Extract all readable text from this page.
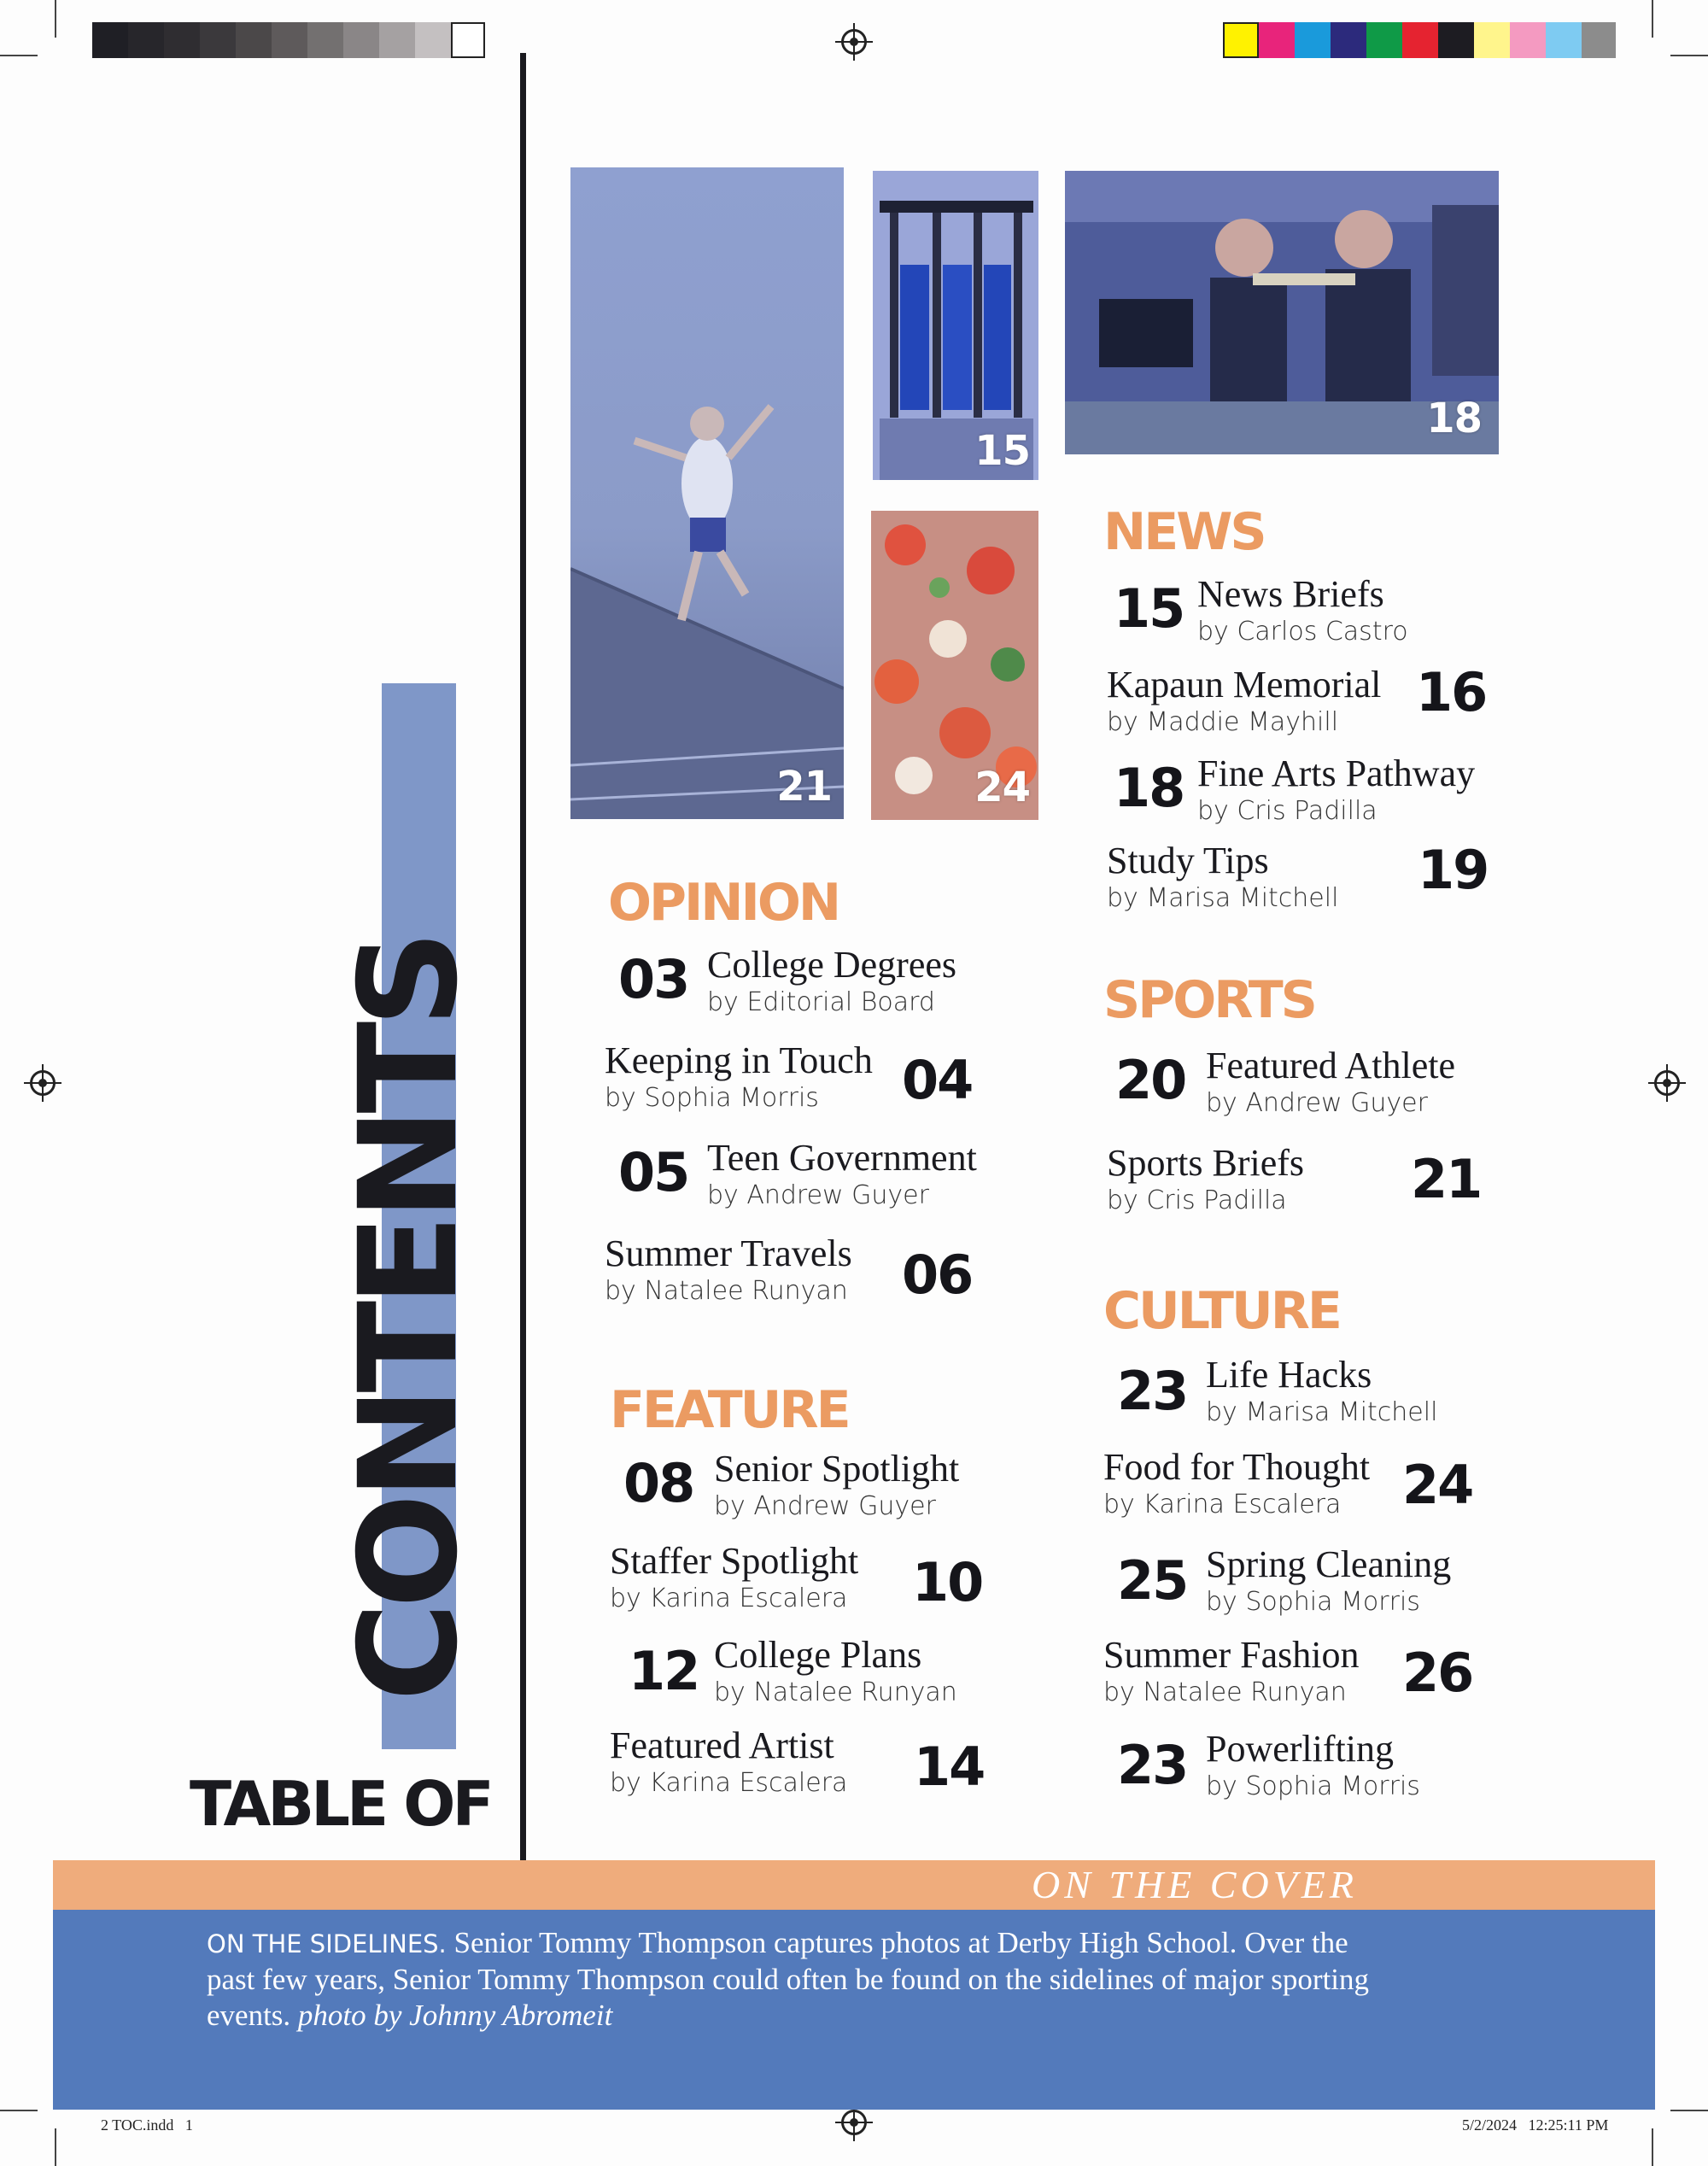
CONTENTS
TABLE OF
21
15
24
18
OPINION
03 College Degrees
by Editorial Board
Keeping in Touch
by Sophia Morris 04
05 Teen Government
by Andrew Guyer
Summer Travels
by Natalee Runyan 06
FEATURE
08 Senior Spotlight
by Andrew Guyer
Staffer Spotlight
by Karina Escalera 10
12 College Plans
by Natalee Runyan
Featured Artist
by Karina Escalera 14
NEWS
15 News Briefs
by Carlos Castro
Kapaun Memorial
by Maddie Mayhill 16
18 Fine Arts Pathway
by Cris Padilla
Study Tips
by Marisa Mitchell 19
SPORTS
20 Featured Athlete
by Andrew Guyer
Sports Briefs
by Cris Padilla 21
CULTURE
23 Life Hacks
by Marisa Mitchell
Food for Thought
by Karina Escalera 24
25 Spring Cleaning
by Sophia Morris
Summer Fashion
by Natalee Runyan 26
23 Powerlifting
by Sophia Morris
ON THE COVER
ON THE SIDELINES. Senior Tommy Thompson captures photos at Derby High School. Over the
past few years, Senior Tommy Thompson could often be found on the sidelines of major sporting
events. photo by Johnny Abromeit
2 TOC.indd   1	5/2/2024   12:25:11 PM
